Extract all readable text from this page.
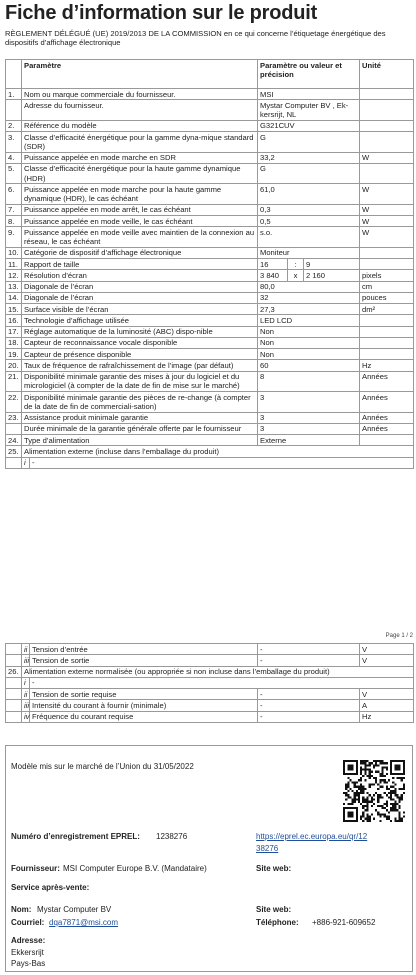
Fiche d’information sur le produit
RÈGLEMENT DÉLÉGUÉ (UE) 2019/2013 DE LA COMMISSION en ce qui concerne l’étiquetage énergétique des dispositifs d’affichage électronique
	Paramètre		Paramètre ou valeur et précision			Unité
1.	Nom ou marque commerciale du fournisseur.		MSI			
	Adresse du fournisseur.		Mystar Computer BV , Ek-kersrijt, NL			
2.	Référence du modèle		G321CUV			
3.	Classe d’efficacité énergétique pour la gamme dyna-mique standard (SDR)		G			
4.	Puissance appelée en mode marche en SDR		33,2			W
5.	Classe d’efficacité énergétique pour la haute gamme dynamique (HDR)		G			
6.	Puissance appelée en mode marche pour la haute gamme dynamique (HDR), le cas échéant		61,0			W
7.	Puissance appelée en mode arrêt, le cas échéant		0,3			W
8.	Puissance appelée en mode veille, le cas échéant		0,5			W
9.	Puissance appelée en mode veille avec maintien de la connexion au réseau, le cas échéant		s.o.			W
10.	Catégorie de dispositif d’affichage électronique		Moniteur			
11.	Rapport de taille		16	:	9	
12.	Résolution d’écran		3 840	x	2 160	pixels
13.	Diagonale de l’écran		80,0			cm
14.	Diagonale de l’écran		32			pouces
15.	Surface visible de l’écran		27,3			dm²
16.	Technologie d’affichage utilisée		LED LCD			
17.	Réglage automatique de la luminosité (ABC) dispo-nible		Non			
18.	Capteur de reconnaissance vocale disponible		Non			
19.	Capteur de présence disponible		Non			
20.	Taux de fréquence de rafraîchissement de l’image (par défaut)		60			Hz
21.	Disponibilité minimale garantie des mises à jour du logiciel et du micrologiciel (à compter de la date de fin de mise sur le marché)		8			Années
22.	Disponibilité minimale garantie des pièces de re-change (à compter de la date de fin de commerciali-sation)		3			Années
23.	Assistance produit minimale garantie		3			Années
	Durée minimale de la garantie générale offerte par le fournisseur		3			Années
24.	Type d’alimentation		Externe			
25.	Alimentation externe (incluse dans l’emballage du produit)					
	i	-				
Page 1 / 2
	ii	Tension d’entrée	-	V
	iii	Tension de sortie	-	V
26.	Alimentation externe normalisée (ou appropriée si non incluse dans l’emballage du produit)			
	i	-		
	ii	Tension de sortie requise	-	V
	iii	Intensité du courant à fournir (minimale)	-	A
	iv	Fréquence du courant requise	-	Hz
Modèle mis sur le marché de l’Union du 31/05/2022
Numéro d’enregistrement EPREL: 1238276	https://eprel.ec.europa.eu/qr/12
38276
Fournisseur: MSI Computer Europe B.V. (Mandataire)	Site web:
Service après-vente:
Nom: Mystar Computer BV	Site web:
Courriel: dqa7871@msi.com	Téléphone: +886-921-609652
Adresse:
Ekkersrijt
Pays-Bas
